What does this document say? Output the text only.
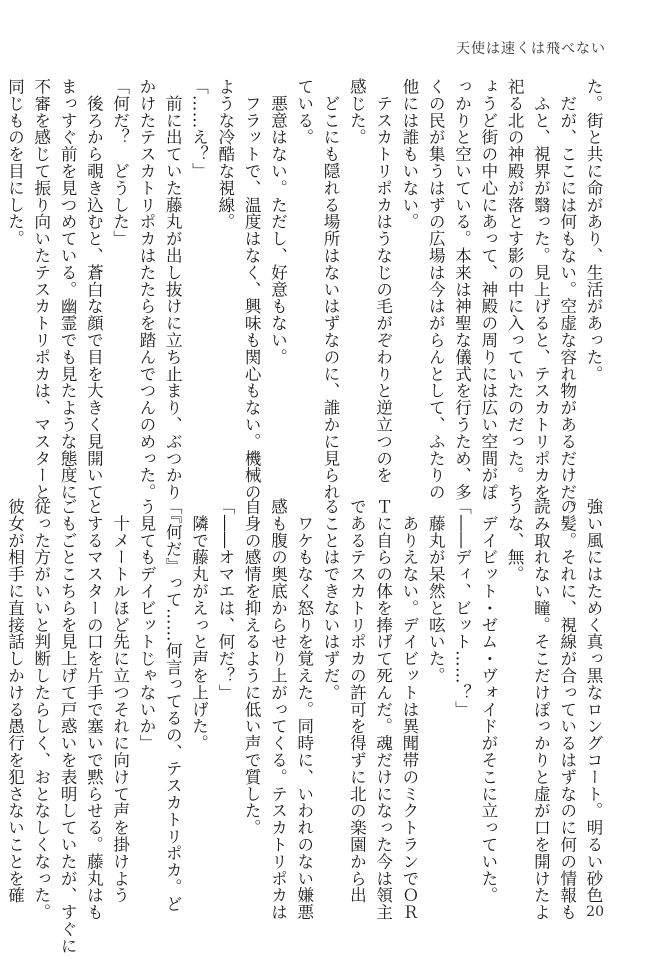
天使は速くは飛べない

た。街と共に命があり、生活があった。

　だが、ここには何もない。空虚な容れ物があるだけだ。

　ふと、視界が翳った。見上げると、テスカトリポカを

祀る北の神殿が落とす影の中に入っていたのだった。ち

ょうど街の中心にあって、神殿の周りには広い空間がぽ

っかりと空いている。本来は神聖な儀式を行うため、多

くの民が集うはずの広場は今はがらんとして、ふたりの

他には誰もいない。

　テスカトリポカはうなじの毛がぞわりと逆立つのを

感じた。

　どこにも隠れる場所はないはずなのに、誰かに見られ

ている。

　悪意はない。ただし、好意もない。

　フラットで、温度はなく、興味も関心もない。機械の

ような冷酷な視線。

「……え？」

　前に出ていた藤丸が出し抜けに立ち止まり、ぶつかり

かけたテスカトリポカはたたらを踏んでつんのめった。

「何だ？　どうした」

　後ろから覗き込むと、蒼白な顔で目を大きく見開いて

まっすぐ前を見つめている。幽霊でも見たような態度に

不審を感じて振り向いたテスカトリポカは、マスターと

同じものを目にした。

強い風にはためく真っ黒なロングコート。明るい砂色

の髪。それに、視線が合っているはずなのに何の情報も

読み取れない瞳。そこだけぽっかりと虚が口を開けたよ

うな、無。

　デイビット・ゼム・ヴォイドがそこに立っていた。

「――ディ、ビット……？」

　藤丸が呆然と呟いた。

　ありえない。デイビットは異聞帯のミクトランでＯＲ

Ｔに自らの体を捧げて死んだ。魂だけになった今は領主

であるテスカトリポカの許可を得ずに北の楽園から出

ることはできないはずだ。

　ワケもなく怒りを覚えた。同時に、いわれのない嫌悪

感も腹の奥底からせり上がってくる。テスカトリポカは

自身の感情を抑えるように低い声で質した。

「――オマエは、何だ？」

　隣で藤丸がえっと声を上げた。

「『何だ』って……何言ってるの、テスカトリポカ。ど

う見てもデイビットじゃないか」

　十メートルほど先に立つそれに向けて声を掛けよう

とするマスターの口を片手で塞いで黙らせる。藤丸はも

ごもごとこちらを見上げて戸惑いを表明していたが、すぐに

従った方がいいと判断したらしく、おとなしくなった。

彼女が相手に直接話しかける愚行を犯さないことを確

20
